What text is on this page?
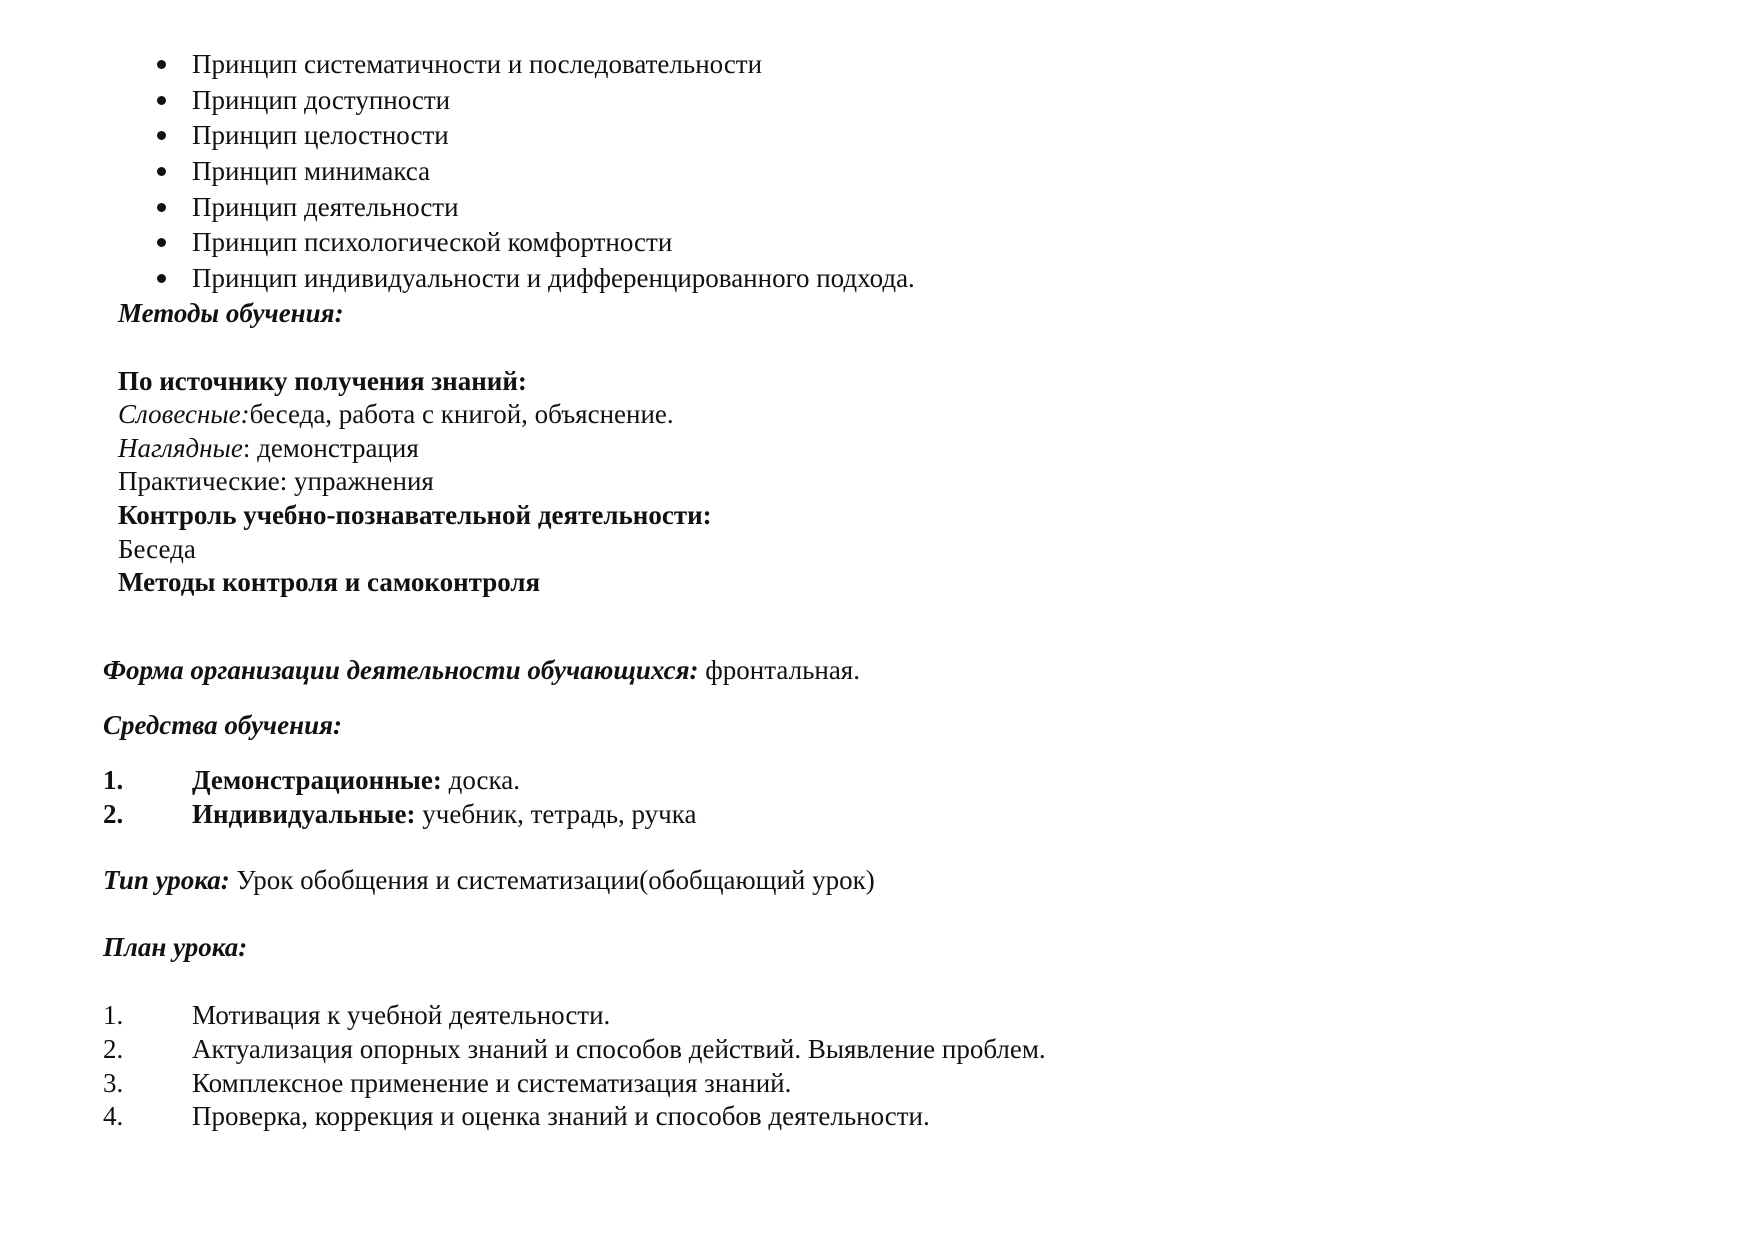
Принцип систематичности и последовательности
Принцип доступности
Принцип целостности
Принцип минимакса
Принцип деятельности
Принцип психологической комфортности
Принцип индивидуальности и дифференцированного подхода.
Методы обучения:
По источнику получения знаний:
Словесные:беседа, работа с книгой, объяснение.
Наглядные: демонстрация
Практические: упражнения
Контроль учебно-познавательной деятельности:
Беседа
Методы контроля и самоконтроля
Форма организации деятельности обучающихся: фронтальная.
Средства обучения:
1.	Демонстрационные: доска.
2.	Индивидуальные: учебник, тетрадь, ручка
Тип урока: Урок обобщения и систематизации(обобщающий урок)
План урока:
1.	Мотивация к учебной деятельности.
2.	Актуализация опорных знаний и способов действий. Выявление проблем.
3.	Комплексное применение и систематизация знаний.
4.	Проверка, коррекция и оценка знаний и способов деятельности.
